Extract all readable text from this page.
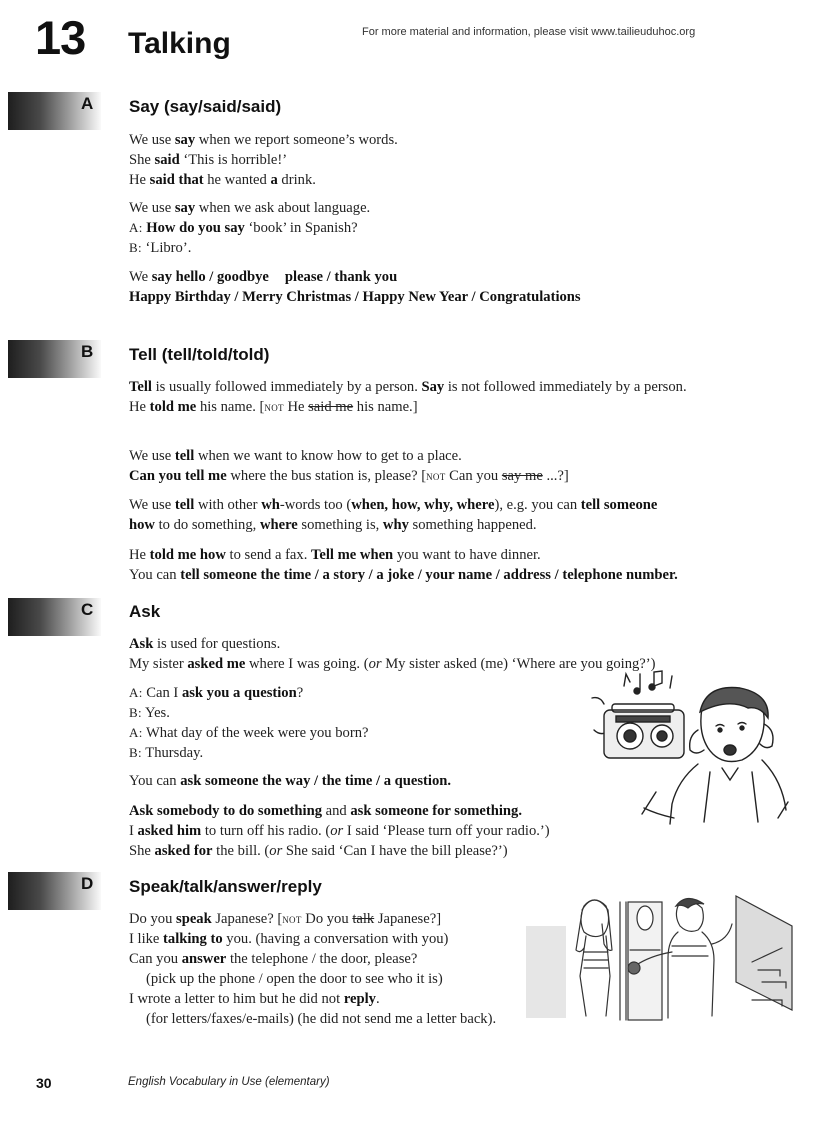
13 Talking	For more material and information, please visit www.tailieuduhoc.org
A	Say (say/said/said)
We use say when we report someone’s words.
She said ‘This is horrible!’
He said that he wanted a drink.
We use say when we ask about language.
A: How do you say ‘book’ in Spanish?
B: ‘Libro’.
We say hello / goodbye please / thank you
Happy Birthday / Merry Christmas / Happy New Year / Congratulations
B	Tell (tell/told/told)
Tell is usually followed immediately by a person. Say is not followed immediately by a person.
He told me his name. [not He said me his name.]
We use tell when we want to know how to get to a place.
Can you tell me where the bus station is, please? [not Can you say me ...?]
We use tell with other wh-words too (when, how, why, where), e.g. you can tell someone
how to do something, where something is, why something happened.
He told me how to send a fax. Tell me when you want to have dinner.
You can tell someone the time / a story / a joke / your name / address / telephone number.
C	Ask
Ask is used for questions.
My sister asked me where I was going. (or My sister asked (me) ‘Where are you going?’)
A: Can I ask you a question?
B: Yes.
A: What day of the week were you born?
B: Thursday.
You can ask someone the way / the time / a question.
Ask somebody to do something and ask someone for something.
I asked him to turn off his radio. (or I said ‘Please turn off your radio.’)
She asked for the bill. (or She said ‘Can I have the bill please?’)
D	Speak/talk/answer/reply
Do you speak Japanese? [not Do you talk Japanese?]
I like talking to you. (having a conversation with you)
Can you answer the telephone / the door, please?
(pick up the phone / open the door to see who it is)
I wrote a letter to him but he did not reply.
(for letters/faxes/e-mails) (he did not send me a letter back).
30	English Vocabulary in Use (elementary)
